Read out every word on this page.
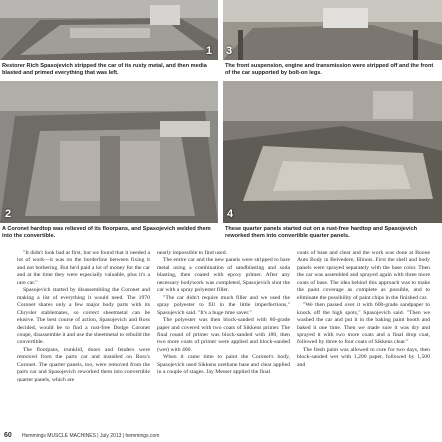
1
Restorer Rich Spasojevich stripped the car of its rusty metal, and then media blasted and primed everything that was left.
3
The front suspension, engine and transmission were stripped off and the front of the car supported by bolt-on legs.
2
A Coronet hardtop was relieved of its floorpans, and Spasojevich welded them into the convertible.
4
These quarter panels started out on a rust-free hardtop and Spasojevich reworked them into convertible quarter panels.

"It didn't look bad at first, but we found that it needed a lot of work—it was on the borderline between fixing it and not bothering. But he'd paid a lot of money for the car and at the time they were especially valuable, plus it's a rare car."

Spasojevich started by disassembling the Coronet and making a list of everything it would need. The 1970 Coronet shares only a few major body parts with its Chrysler stablemates, so correct sheetmetal can be elusive. The best course of action, Spasojevich and Ross decided, would be to find a rust-free Dodge Coronet coupe, disassemble it and use the sheetmetal to rebuild the convertible.

The floorpans, trunklid, doors and fenders were removed from the parts car and installed on Ross's Coronet. The quarter panels, too, were removed from the parts car and Spasojevich reworked them into convertible quarter panels, which are

nearly impossible to find used.

The entire car and the new panels were stripped to bare metal using a combination of sandblasting and soda blasting, then coated with epoxy primer. After any necessary bodywork was completed, Spasojevich shot the car with a spray polyester filler.

"The car didn't require much filler and we used the spray polyester to fill in the little imperfections," Spasojevich said. "It's a huge time saver."

The polyester was then block-sanded with 80-grade paper and covered with two coats of Sikkens primer. The final round of primer was block-sanded with 180, then two more coats of primer were applied and block-sanded (wet) with 400.

When it came time to paint the Coronet's body, Spasojevich used Sikkens urethane base and clear applied in a couple of stages. Jay Messer applied the final

coats of base and clear and the work was done at Boone Auto Body in Belvedere, Illinois. First the shell and body panels were sprayed separately with the base color. Then the car was assembled and sprayed again with three more coats of base. The idea behind this approach was to make the paint coverage as complete as possible, and to eliminate the possibility of paint chips in the finished car.

"We then passed over it with 600-grade sandpaper to knock off the high spots," Spasojevich said. "Then we washed the car and put it in the baking paint booth and baked it one time. Then we made sure it was dry and sprayed it with two more coats and a final drop coat, followed by three to four coats of Sikkens clear."

The fresh paint was allowed to cure for two days, then block-sanded wet with 1,200 paper, followed by 1,500 and

60 Hemmings MUSCLE MACHINES | July 2013 | hemmings.com
